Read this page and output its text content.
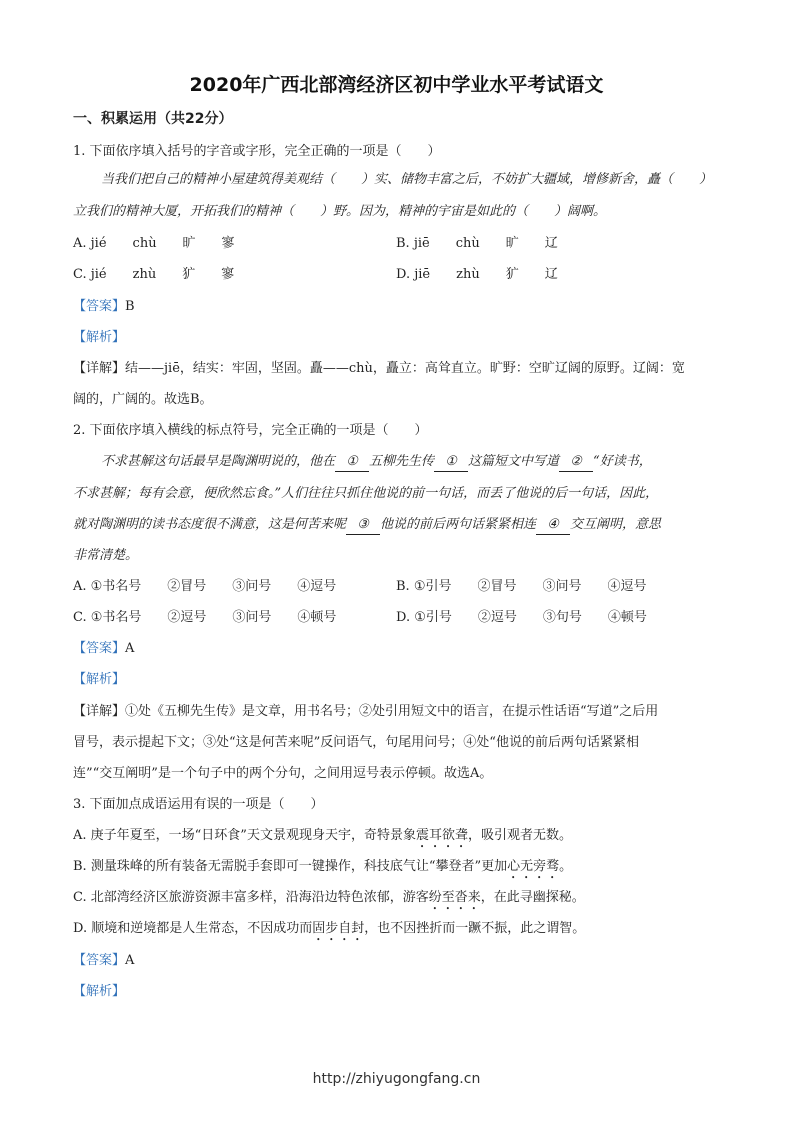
2020年广西北部湾经济区初中学业水平考试语文
一、积累运用（共22分）
1. 下面依序填入括号的字音或字形，完全正确的一项是（　　）
当我们把自己的精神小屋建筑得美观结（　　）实、储物丰富之后，不妨扩大疆域，增修新舍，矗（　　）
立我们的精神大厦，开拓我们的精神（　　）野。因为，精神的宇宙是如此的（　　）阔啊。
A. jié　　chù　　旷　　寥	B. jiē　　chù　　旷　　辽
C. jié　　zhù　　犷　　寥	D. jiē　　zhù　　犷　　辽
【答案】B
【解析】
【详解】结——jiē，结实：牢固，坚固。矗——chù，矗立：高耸直立。旷野：空旷辽阔的原野。辽阔：宽
阔的，广阔的。故选B。
2. 下面依序填入横线的标点符号，完全正确的一项是（　　）
不求甚解这句话最早是陶渊明说的，他在 ① 五柳先生传 ① 这篇短文中写道 ② “好读书，
不求甚解；每有会意，便欣然忘食。”人们往往只抓住他说的前一句话，而丢了他说的后一句话，因此，
就对陶渊明的读书态度很不满意，这是何苦来呢 ③ 他说的前后两句话紧紧相连 ④ 交互阐明，意思
非常清楚。
A. ①书名号　　②冒号　　③问号　　④逗号	B. ①引号　　②冒号　　③问号　　④逗号
C. ①书名号　　②逗号　　③问号　　④顿号	D. ①引号　　②逗号　　③句号　　④顿号
【答案】A
【解析】
【详解】①处《五柳先生传》是文章，用书名号；②处引用短文中的语言，在提示性话语“写道”之后用
冒号，表示提起下文；③处“这是何苦来呢”反问语气，句尾用问号；④处“他说的前后两句话紧紧相
连”“交互阐明”是一个句子中的两个分句，之间用逗号表示停顿。故选A。
3. 下面加点成语运用有误的一项是（　　）
A. 庚子年夏至，一场“日环食”天文景观现身天宇，奇特景象震耳欲聋，吸引观者无数。
B. 测量珠峰的所有装备无需脱手套即可一键操作，科技底气让“攀登者”更加心无旁骛。
C. 北部湾经济区旅游资源丰富多样，沿海沿边特色浓郁，游客纷至沓来，在此寻幽探秘。
D. 顺境和逆境都是人生常态，不因成功而固步自封，也不因挫折而一蹶不振，此之谓智。
【答案】A
【解析】
http://zhiyugongfang.cn
